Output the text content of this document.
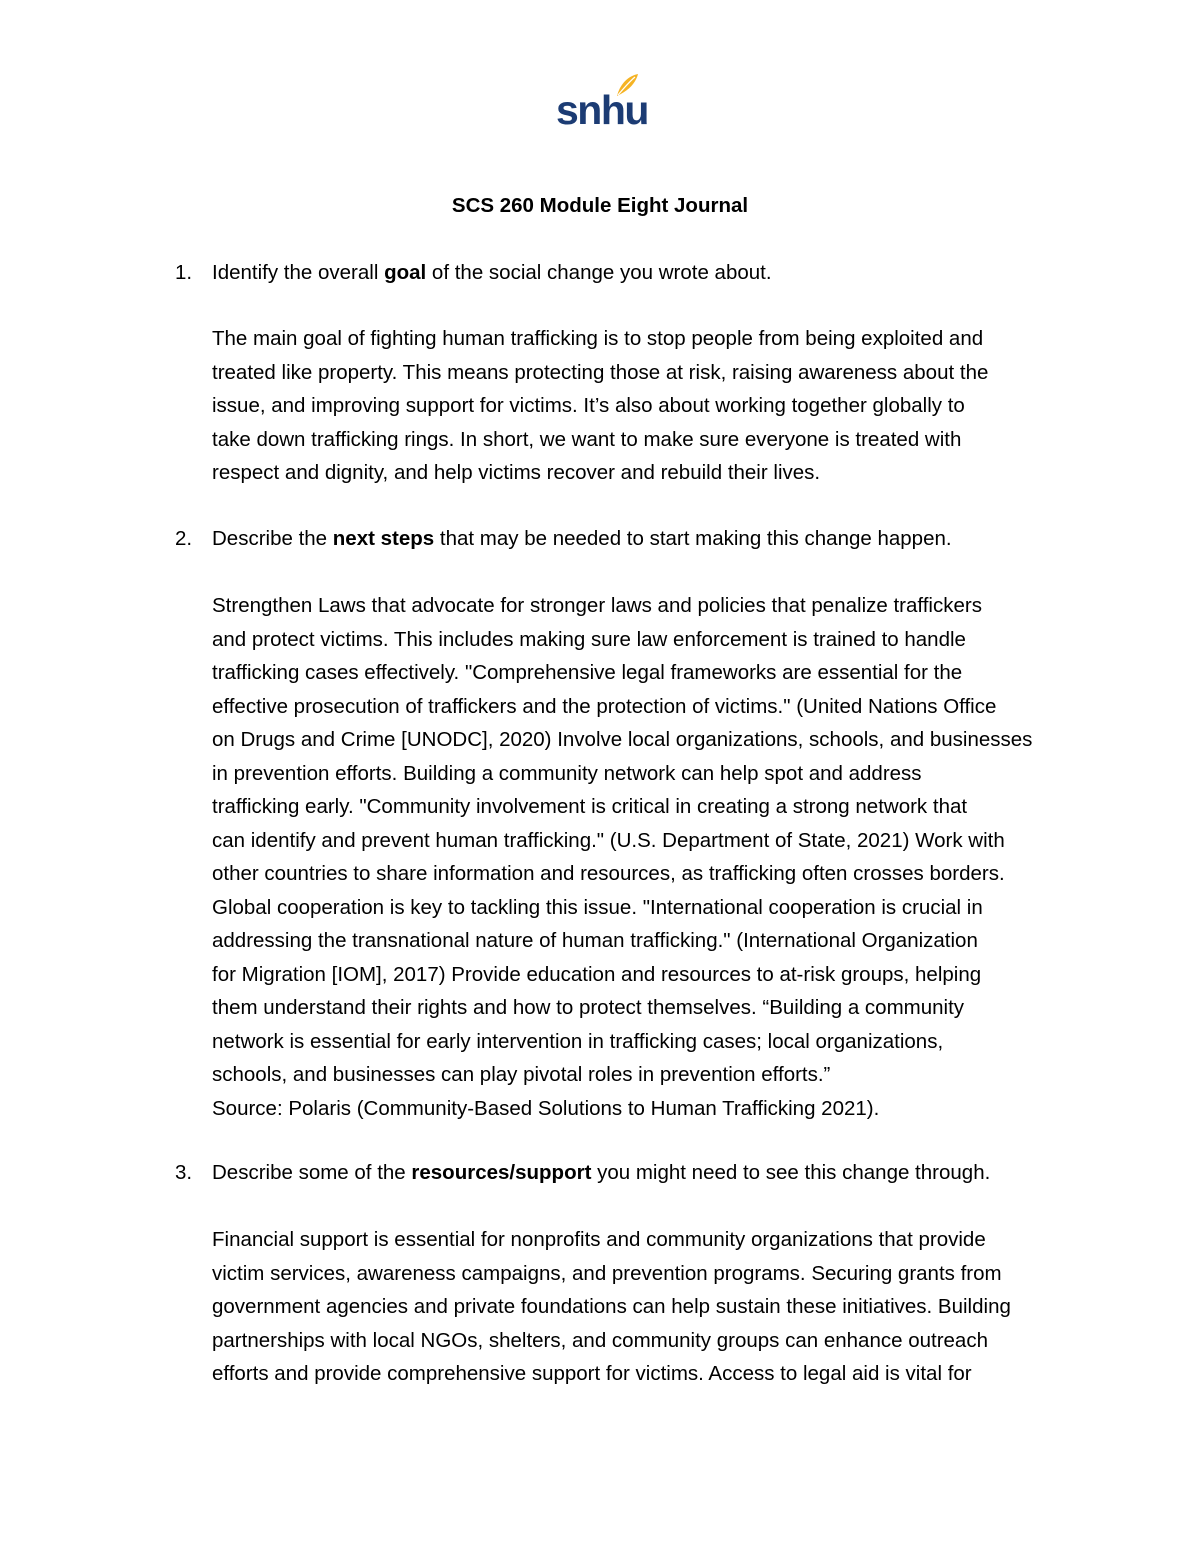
snhu
SCS 260 Module Eight Journal
1. Identify the overall goal of the social change you wrote about.
The main goal of fighting human trafficking is to stop people from being exploited and
treated like property. This means protecting those at risk, raising awareness about the
issue, and improving support for victims. It’s also about working together globally to
take down trafficking rings. In short, we want to make sure everyone is treated with
respect and dignity, and help victims recover and rebuild their lives.
2. Describe the next steps that may be needed to start making this change happen.
Strengthen Laws that advocate for stronger laws and policies that penalize traffickers
and protect victims. This includes making sure law enforcement is trained to handle
trafficking cases effectively. "Comprehensive legal frameworks are essential for the
effective prosecution of traffickers and the protection of victims." (United Nations Office
on Drugs and Crime [UNODC], 2020) Involve local organizations, schools, and businesses
in prevention efforts. Building a community network can help spot and address
trafficking early. "Community involvement is critical in creating a strong network that
can identify and prevent human trafficking." (U.S. Department of State, 2021) Work with
other countries to share information and resources, as trafficking often crosses borders.
Global cooperation is key to tackling this issue. "International cooperation is crucial in
addressing the transnational nature of human trafficking." (International Organization
for Migration [IOM], 2017) Provide education and resources to at-risk groups, helping
them understand their rights and how to protect themselves. “Building a community
network is essential for early intervention in trafficking cases; local organizations,
schools, and businesses can play pivotal roles in prevention efforts.”
Source: Polaris (Community-Based Solutions to Human Trafficking 2021).
3. Describe some of the resources/support you might need to see this change through.
Financial support is essential for nonprofits and community organizations that provide
victim services, awareness campaigns, and prevention programs. Securing grants from
government agencies and private foundations can help sustain these initiatives. Building
partnerships with local NGOs, shelters, and community groups can enhance outreach
efforts and provide comprehensive support for victims. Access to legal aid is vital for
